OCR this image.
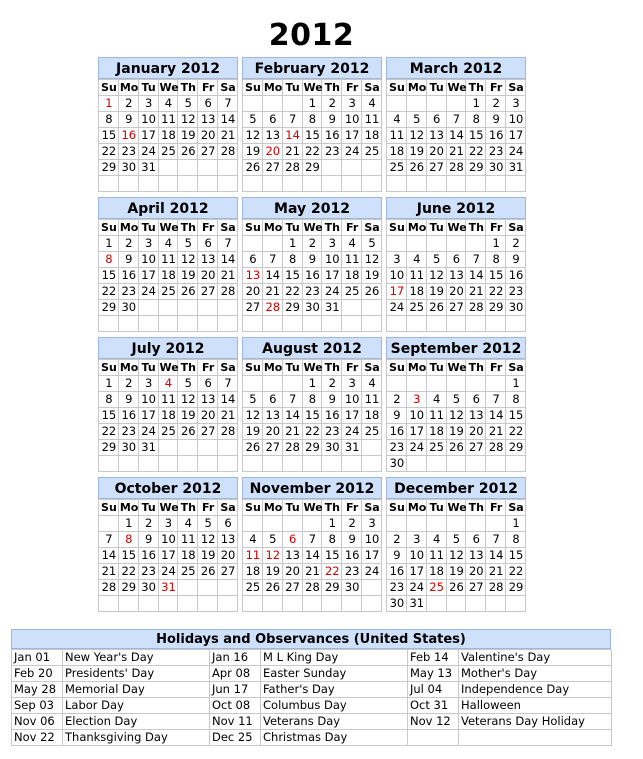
2012
January 2012
Su	Mo	Tu	We	Th	Fr	Sa
1	2	3	4	5	6	7
8	9	10	11	12	13	14
15	16	17	18	19	20	21
22	23	24	25	26	27	28
29	30	31				

February 2012
Su	Mo	Tu	We	Th	Fr	Sa
			1	2	3	4
5	6	7	8	9	10	11
12	13	14	15	16	17	18
19	20	21	22	23	24	25
26	27	28	29			

March 2012
Su	Mo	Tu	We	Th	Fr	Sa
				1	2	3
4	5	6	7	8	9	10
11	12	13	14	15	16	17
18	19	20	21	22	23	24
25	26	27	28	29	30	31

April 2012
Su	Mo	Tu	We	Th	Fr	Sa
1	2	3	4	5	6	7
8	9	10	11	12	13	14
15	16	17	18	19	20	21
22	23	24	25	26	27	28
29	30					

May 2012
Su	Mo	Tu	We	Th	Fr	Sa
		1	2	3	4	5
6	7	8	9	10	11	12
13	14	15	16	17	18	19
20	21	22	23	24	25	26
27	28	29	30	31		

June 2012
Su	Mo	Tu	We	Th	Fr	Sa
					1	2
3	4	5	6	7	8	9
10	11	12	13	14	15	16
17	18	19	20	21	22	23
24	25	26	27	28	29	30

July 2012
Su	Mo	Tu	We	Th	Fr	Sa
1	2	3	4	5	6	7
8	9	10	11	12	13	14
15	16	17	18	19	20	21
22	23	24	25	26	27	28
29	30	31				

August 2012
Su	Mo	Tu	We	Th	Fr	Sa
			1	2	3	4
5	6	7	8	9	10	11
12	13	14	15	16	17	18
19	20	21	22	23	24	25
26	27	28	29	30	31	

September 2012
Su	Mo	Tu	We	Th	Fr	Sa
						1
2	3	4	5	6	7	8
9	10	11	12	13	14	15
16	17	18	19	20	21	22
23	24	25	26	27	28	29
30						
October 2012
Su	Mo	Tu	We	Th	Fr	Sa
	1	2	3	4	5	6
7	8	9	10	11	12	13
14	15	16	17	18	19	20
21	22	23	24	25	26	27
28	29	30	31			

November 2012
Su	Mo	Tu	We	Th	Fr	Sa
				1	2	3
4	5	6	7	8	9	10
11	12	13	14	15	16	17
18	19	20	21	22	23	24
25	26	27	28	29	30	

December 2012
Su	Mo	Tu	We	Th	Fr	Sa
						1
2	3	4	5	6	7	8
9	10	11	12	13	14	15
16	17	18	19	20	21	22
23	24	25	26	27	28	29
30	31					
Holidays and Observances (United States)
Jan 01	New Year's Day	Jan 16	M L King Day	Feb 14	Valentine's Day
Feb 20	Presidents' Day	Apr 08	Easter Sunday	May 13	Mother's Day
May 28	Memorial Day	Jun 17	Father's Day	Jul 04	Independence Day
Sep 03	Labor Day	Oct 08	Columbus Day	Oct 31	Halloween
Nov 06	Election Day	Nov 11	Veterans Day	Nov 12	Veterans Day Holiday
Nov 22	Thanksgiving Day	Dec 25	Christmas Day		
